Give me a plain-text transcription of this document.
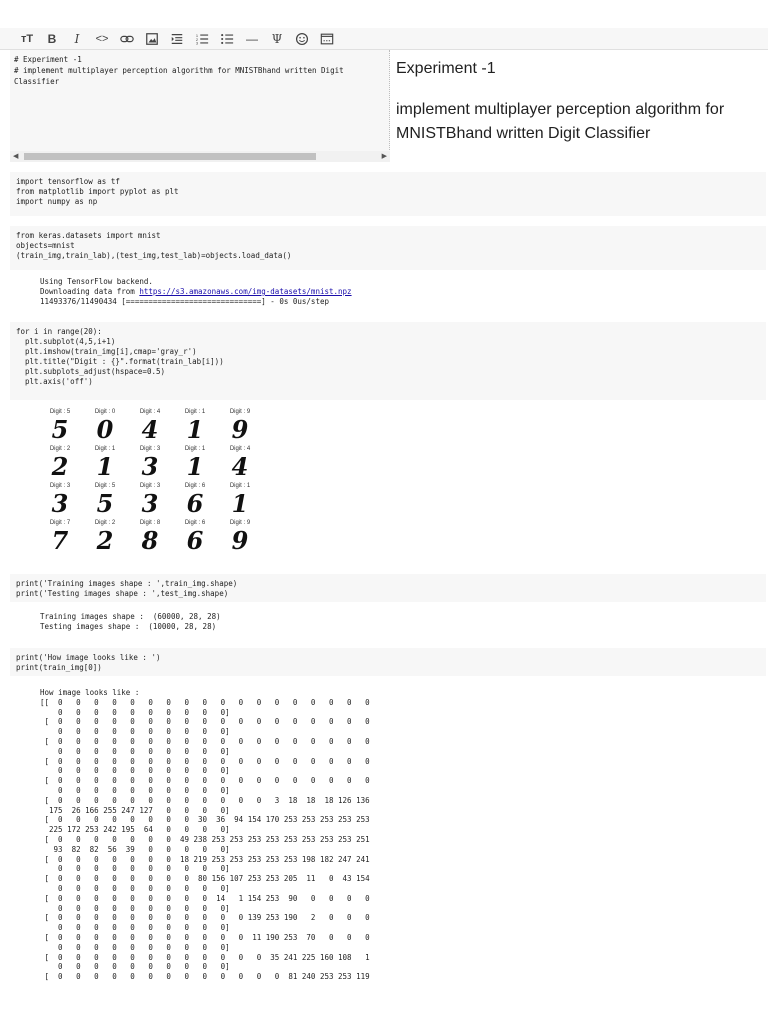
тT	B	I	<>	1
2
3	—	Ψ
# Experiment -1
# implement multiplayer perception algorithm for MNISTBhand written Digit
Classifier
◀	▶
Experiment -1

implement multiplayer perception algorithm for

MNISTBhand written Digit Classifier

import tensorflow as tf
from matplotlib import pyplot as plt
import numpy as np
from keras.datasets import mnist
objects=mnist
(train_img,train_lab),(test_img,test_lab)=objects.load_data()
Using TensorFlow backend.
Downloading data from https://s3.amazonaws.com/img-datasets/mnist.npz
11493376/11490434 [==============================] - 0s 0us/step
for i in range(20):
plt.subplot(4,5,i+1)
plt.imshow(train_img[i],cmap='gray_r')
plt.title("Digit : {}".format(train_lab[i]))
plt.subplots_adjust(hspace=0.5)
plt.axis('off')
Digit : 5
5
Digit : 0
0
Digit : 4
4
Digit : 1
1
Digit : 9
9
Digit : 2
2
Digit : 1
1
Digit : 3
3
Digit : 1
1
Digit : 4
4
Digit : 3
3
Digit : 5
5
Digit : 3
3
Digit : 6
6
Digit : 1
1
Digit : 7
7
Digit : 2
2
Digit : 8
8
Digit : 6
6
Digit : 9
9
print('Training images shape : ',train_img.shape)
print('Testing images shape : ',test_img.shape)
Training images shape :  (60000, 28, 28)
Testing images shape :  (10000, 28, 28)
print('How image looks like : ')
print(train_img[0])
How image looks like :
[[  0   0   0   0   0   0   0   0   0   0   0   0   0   0   0   0   0   0
0   0   0   0   0   0   0   0   0   0]
[  0   0   0   0   0   0   0   0   0   0   0   0   0   0   0   0   0   0
0   0   0   0   0   0   0   0   0   0]
[  0   0   0   0   0   0   0   0   0   0   0   0   0   0   0   0   0   0
0   0   0   0   0   0   0   0   0   0]
[  0   0   0   0   0   0   0   0   0   0   0   0   0   0   0   0   0   0
0   0   0   0   0   0   0   0   0   0]
[  0   0   0   0   0   0   0   0   0   0   0   0   0   0   0   0   0   0
0   0   0   0   0   0   0   0   0   0]
[  0   0   0   0   0   0   0   0   0   0   0   0   3  18  18  18 126 136
175  26 166 255 247 127   0   0   0   0]
[  0   0   0   0   0   0   0   0  30  36  94 154 170 253 253 253 253 253
225 172 253 242 195  64   0   0   0   0]
[  0   0   0   0   0   0   0  49 238 253 253 253 253 253 253 253 253 251
93  82  82  56  39   0   0   0   0   0]
[  0   0   0   0   0   0   0  18 219 253 253 253 253 253 198 182 247 241
0   0   0   0   0   0   0   0   0   0]
[  0   0   0   0   0   0   0   0  80 156 107 253 253 205  11   0  43 154
0   0   0   0   0   0   0   0   0   0]
[  0   0   0   0   0   0   0   0   0  14   1 154 253  90   0   0   0   0
0   0   0   0   0   0   0   0   0   0]
[  0   0   0   0   0   0   0   0   0   0   0 139 253 190   2   0   0   0
0   0   0   0   0   0   0   0   0   0]
[  0   0   0   0   0   0   0   0   0   0   0  11 190 253  70   0   0   0
0   0   0   0   0   0   0   0   0   0]
[  0   0   0   0   0   0   0   0   0   0   0   0  35 241 225 160 108   1
0   0   0   0   0   0   0   0   0   0]
[  0   0   0   0   0   0   0   0   0   0   0   0   0  81 240 253 253 119
